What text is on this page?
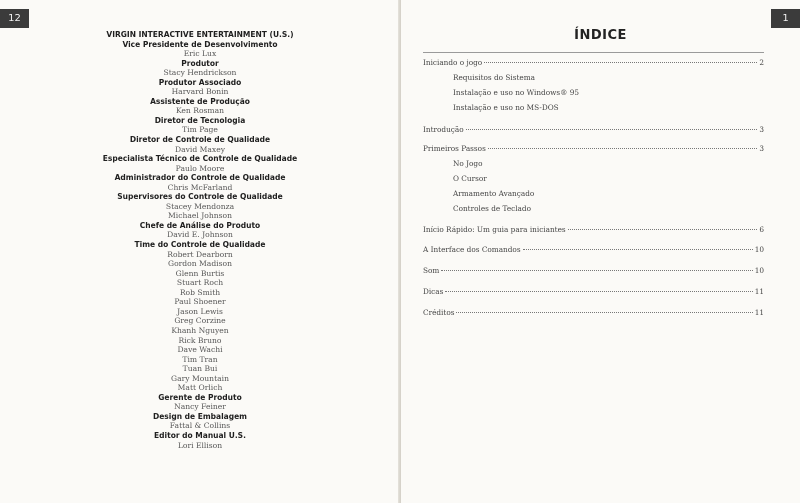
12
VIRGIN INTERACTIVE ENTERTAINMENT (U.S.)
Vice Presidente de Desenvolvimento
Eric Lux
Produtor
Stacy Hendrickson
Produtor Associado
Harvard Bonin
Assistente de Produção
Ken Rosman
Diretor de Tecnologia
Tim Page
Diretor de Controle de Qualidade
David Maxey
Especialista Técnico de Controle de Qualidade
Paulo Moore
Administrador do Controle de Qualidade
Chris McFarland
Supervisores do Controle de Qualidade
Stacey Mendonza
Michael Johnson
Chefe de Análise do Produto
David E. Johnson
Time do Controle de Qualidade
Robert Dearborn
Gordon Madison
Glenn Burtis
Stuart Roch
Rob Smith
Paul Shoener
Jason Lewis
Greg Corzine
Khanh Nguyen
Rick Bruno
Dave Wachi
Tim Tran
Tuan Bui
Gary Mountain
Matt Orlich
Gerente de Produto
Nancy Feiner
Design de Embalagem
Fattal & Collins
Editor do Manual U.S.
Lori Ellison
1
ÍNDICE
Iniciando o jogo	2
Requisitos do Sistema
Instalação e uso no Windows® 95
Instalação e uso no MS-DOS
Introdução	3
Primeiros Passos	3
No Jogo
O Cursor
Armamento Avançado
Controles de Teclado
Início Rápido: Um guia para iniciantes	6
A Interface dos Comandos	10
Som	10
Dicas	11
Créditos	11
